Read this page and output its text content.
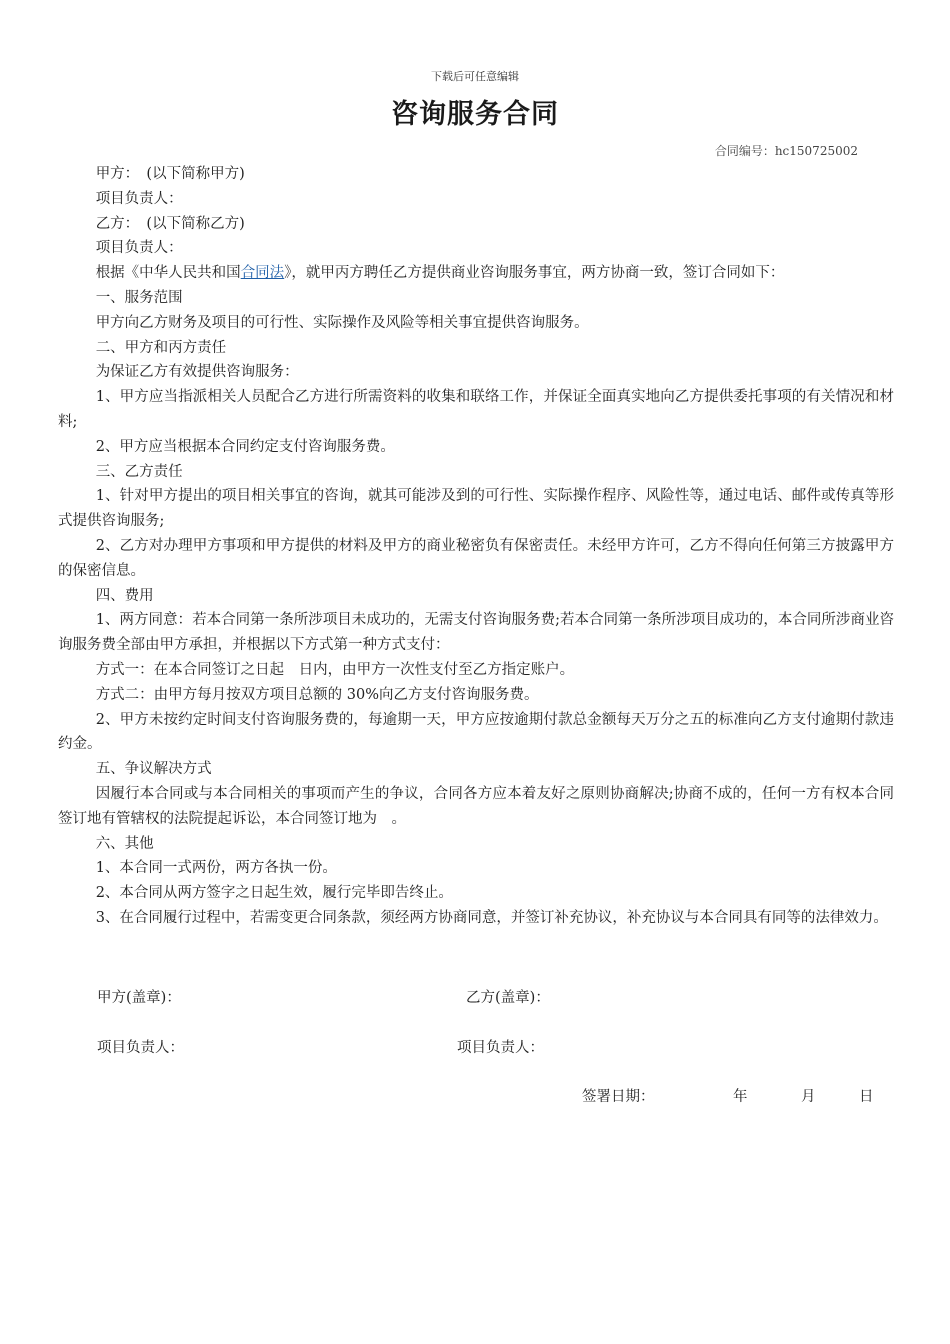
下载后可任意编辑
咨询服务合同
合同编号：hc150725002

甲方：　(以下简称甲方)

项目负责人：

乙方：　(以下简称乙方)

项目负责人：

根据《中华人民共和国合同法》，就甲丙方聘任乙方提供商业咨询服务事宜，两方协商一致，签订合同如下：

一、服务范围

甲方向乙方财务及项目的可行性、实际操作及风险等相关事宜提供咨询服务。

二、甲方和丙方责任

为保证乙方有效提供咨询服务：

1、甲方应当指派相关人员配合乙方进行所需资料的收集和联络工作，并保证全面真实地向乙方提供委托事项的有关情况和材料;

2、甲方应当根据本合同约定支付咨询服务费。

三、乙方责任

1、针对甲方提出的项目相关事宜的咨询，就其可能涉及到的可行性、实际操作程序、风险性等，通过电话、邮件或传真等形式提供咨询服务;

2、乙方对办理甲方事项和甲方提供的材料及甲方的商业秘密负有保密责任。未经甲方许可，乙方不得向任何第三方披露甲方的保密信息。

四、费用

1、两方同意：若本合同第一条所涉项目未成功的，无需支付咨询服务费;若本合同第一条所涉项目成功的，本合同所涉商业咨询服务费全部由甲方承担，并根据以下方式第一种方式支付：

方式一：在本合同签订之日起　日内，由甲方一次性支付至乙方指定账户。

方式二：由甲方每月按双方项目总额的 30%向乙方支付咨询服务费。

2、甲方未按约定时间支付咨询服务费的，每逾期一天，甲方应按逾期付款总金额每天万分之五的标准向乙方支付逾期付款违约金。

五、争议解决方式

因履行本合同或与本合同相关的事项而产生的争议，合同各方应本着友好之原则协商解决;协商不成的，任何一方有权本合同签订地有管辖权的法院提起诉讼，本合同签订地为　。

六、其他

1、本合同一式两份，两方各执一份。

2、本合同从两方签字之日起生效，履行完毕即告终止。

3、在合同履行过程中，若需变更合同条款，须经两方协商同意，并签订补充协议，补充协议与本合同具有同等的法律效力。

甲方(盖章)：	乙方(盖章)：
项目负责人：	项目负责人：
签署日期：	年	月	日
